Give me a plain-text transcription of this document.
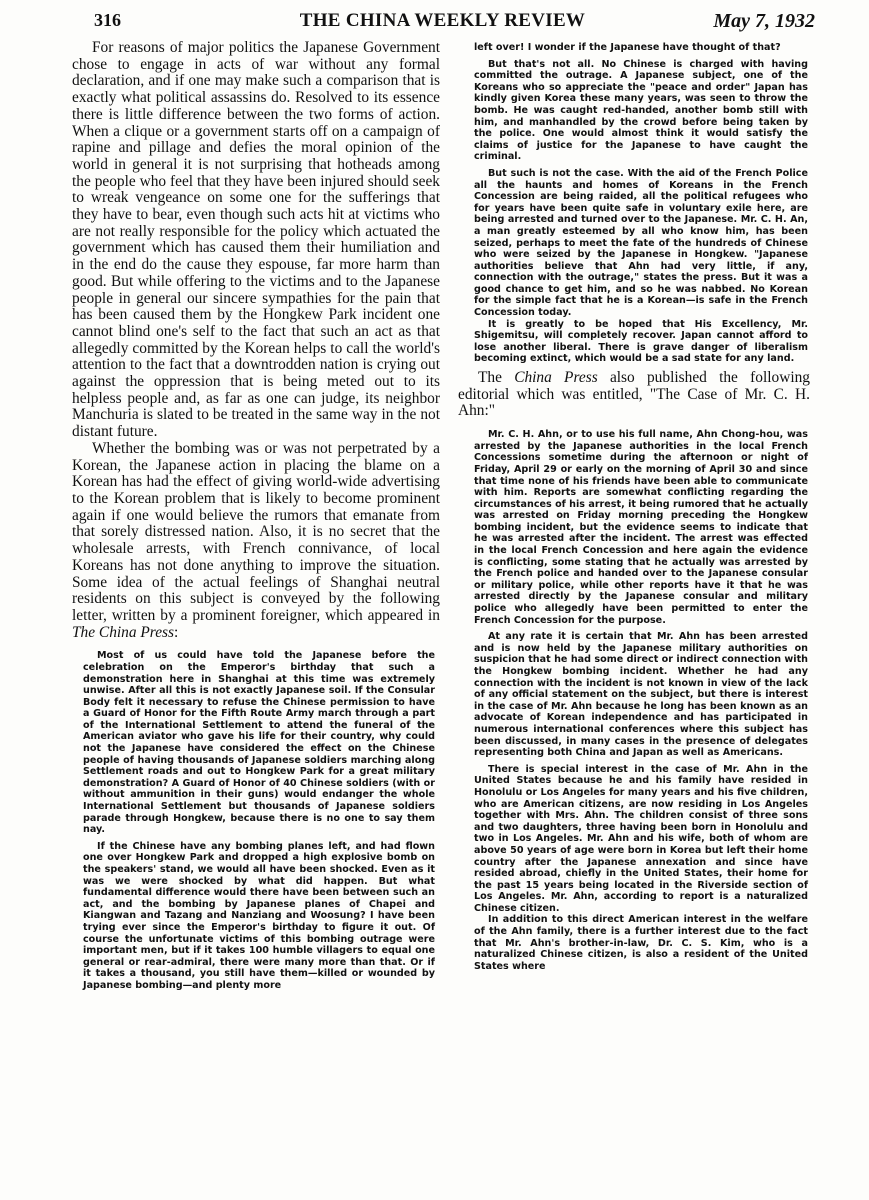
316	THE CHINA WEEKLY REVIEW	May 7, 1932

For reasons of major politics the Japanese Government chose to engage in acts of war without any formal declaration, and if one may make such a comparison that is exactly what political assassins do. Resolved to its essence there is little difference between the two forms of action. When a clique or a government starts off on a campaign of rapine and pillage and defies the moral opinion of the world in general it is not surprising that hotheads among the people who feel that they have been injured should seek to wreak vengeance on some one for the sufferings that they have to bear, even though such acts hit at victims who are not really responsible for the policy which actuated the government which has caused them their humiliation and in the end do the cause they espouse, far more harm than good. But while offering to the victims and to the Japanese people in general our sincere sympathies for the pain that has been caused them by the Hongkew Park incident one cannot blind one's self to the fact that such an act as that allegedly committed by the Korean helps to call the world's attention to the fact that a downtrodden nation is crying out against the oppression that is being meted out to its helpless people and, as far as one can judge, its neighbor Manchuria is slated to be treated in the same way in the not distant future.

Whether the bombing was or was not perpetrated by a Korean, the Japanese action in placing the blame on a Korean has had the effect of giving world-wide advertising to the Korean problem that is likely to become prominent again if one would believe the rumors that emanate from that sorely distressed nation. Also, it is no secret that the wholesale arrests, with French connivance, of local Koreans has not done anything to improve the situation. Some idea of the actual feelings of Shanghai neutral residents on this subject is conveyed by the following letter, written by a prominent foreigner, which appeared in The China Press:

Most of us could have told the Japanese before the celebration on the Emperor's birthday that such a demonstration here in Shanghai at this time was extremely unwise. After all this is not exactly Japanese soil. If the Consular Body felt it necessary to refuse the Chinese permission to have a Guard of Honor for the Fifth Route Army march through a part of the International Settlement to attend the funeral of the American aviator who gave his life for their country, why could not the Japanese have considered the effect on the Chinese people of having thousands of Japanese soldiers marching along Settlement roads and out to Hongkew Park for a great military demonstration? A Guard of Honor of 40 Chinese soldiers (with or without ammunition in their guns) would endanger the whole International Settlement but thousands of Japanese soldiers parade through Hongkew, because there is no one to say them nay.

If the Chinese have any bombing planes left, and had flown one over Hongkew Park and dropped a high explosive bomb on the speakers' stand, we would all have been shocked. Even as it was we were shocked by what did happen. But what fundamental difference would there have been between such an act, and the bombing by Japanese planes of Chapei and Kiangwan and Tazang and Nanziang and Woosung? I have been trying ever since the Emperor's birthday to figure it out. Of course the unfortunate victims of this bombing outrage were important men, but if it takes 100 humble villagers to equal one general or rear-admiral, there were many more than that. Or if it takes a thousand, you still have them—killed or wounded by Japanese bombing—and plenty more

left over! I wonder if the Japanese have thought of that?

But that's not all. No Chinese is charged with having committed the outrage. A Japanese subject, one of the Koreans who so appreciate the "peace and order" Japan has kindly given Korea these many years, was seen to throw the bomb. He was caught red-handed, another bomb still with him, and manhandled by the crowd before being taken by the police. One would almost think it would satisfy the claims of justice for the Japanese to have caught the criminal.

But such is not the case. With the aid of the French Police all the haunts and homes of Koreans in the French Concession are being raided, all the political refugees who for years have been quite safe in voluntary exile here, are being arrested and turned over to the Japanese. Mr. C. H. An, a man greatly esteemed by all who know him, has been seized, perhaps to meet the fate of the hundreds of Chinese who were seized by the Japanese in Hongkew. "Japanese authorities believe that Ahn had very little, if any, connection with the outrage," states the press. But it was a good chance to get him, and so he was nabbed. No Korean for the simple fact that he is a Korean—is safe in the French Concession today.

It is greatly to be hoped that His Excellency, Mr. Shigemitsu, will completely recover. Japan cannot afford to lose another liberal. There is grave danger of liberalism becoming extinct, which would be a sad state for any land.

The China Press also published the following editorial which was entitled, "The Case of Mr. C. H. Ahn:"

Mr. C. H. Ahn, or to use his full name, Ahn Chong-hou, was arrested by the Japanese authorities in the local French Concessions sometime during the afternoon or night of Friday, April 29 or early on the morning of April 30 and since that time none of his friends have been able to communicate with him. Reports are somewhat conflicting regarding the circumstances of his arrest, it being rumored that he actually was arrested on Friday morning preceding the Hongkew bombing incident, but the evidence seems to indicate that he was arrested after the incident. The arrest was effected in the local French Concession and here again the evidence is conflicting, some stating that he actually was arrested by the French police and handed over to the Japanese consular or military police, while other reports have it that he was arrested directly by the Japanese consular and military police who allegedly have been permitted to enter the French Concession for the purpose.

At any rate it is certain that Mr. Ahn has been arrested and is now held by the Japanese military authorities on suspicion that he had some direct or indirect connection with the Hongkew bombing incident. Whether he had any connection with the incident is not known in view of the lack of any official statement on the subject, but there is interest in the case of Mr. Ahn because he long has been known as an advocate of Korean independence and has participated in numerous international conferences where this subject has been discussed, in many cases in the presence of delegates representing both China and Japan as well as Americans.

There is special interest in the case of Mr. Ahn in the United States because he and his family have resided in Honolulu or Los Angeles for many years and his five children, who are American citizens, are now residing in Los Angeles together with Mrs. Ahn. The children consist of three sons and two daughters, three having been born in Honolulu and two in Los Angeles. Mr. Ahn and his wife, both of whom are above 50 years of age were born in Korea but left their home country after the Japanese annexation and since have resided abroad, chiefly in the United States, their home for the past 15 years being located in the Riverside section of Los Angeles. Mr. Ahn, according to report is a naturalized Chinese citizen.

In addition to this direct American interest in the welfare of the Ahn family, there is a further interest due to the fact that Mr. Ahn's brother-in-law, Dr. C. S. Kim, who is a naturalized Chinese citizen, is also a resident of the United States where
